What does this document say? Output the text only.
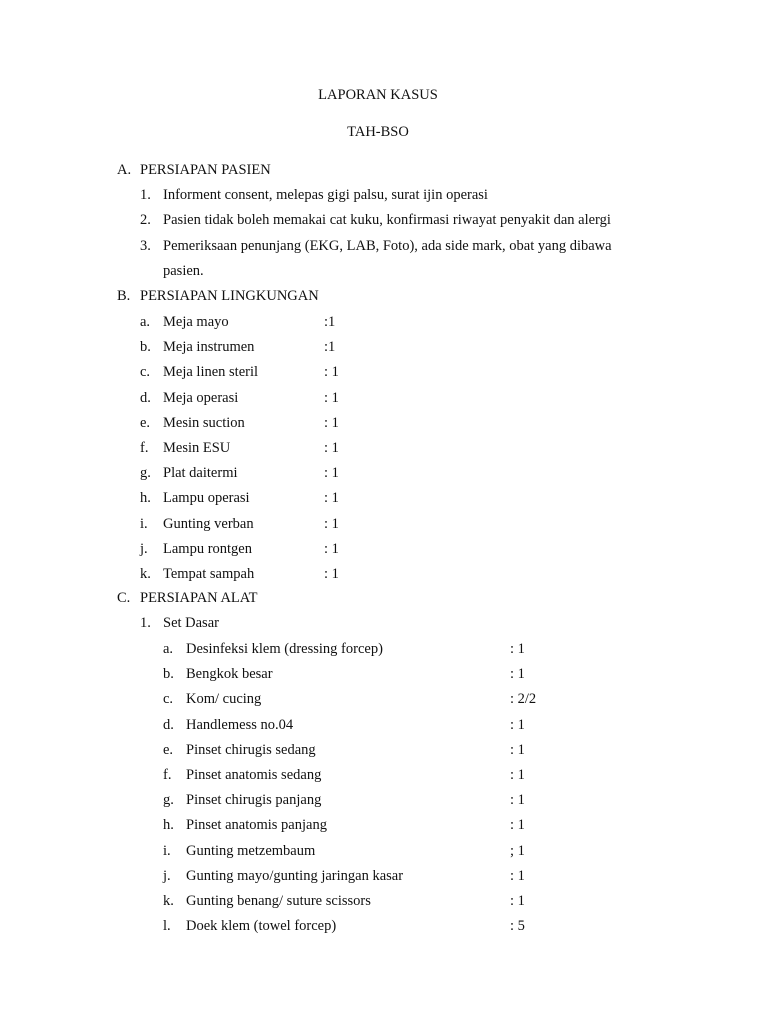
LAPORAN KASUS
TAH-BSO
A. PERSIAPAN PASIEN
1. Informent consent, melepas gigi palsu, surat ijin operasi
2. Pasien tidak boleh memakai cat kuku, konfirmasi riwayat penyakit dan alergi
3. Pemeriksaan penunjang (EKG, LAB, Foto), ada side mark, obat yang dibawa
pasien.
B. PERSIAPAN LINGKUNGAN
a. Meja mayo	:1
b. Meja instrumen	:1
c. Meja linen steril	: 1
d. Meja operasi	: 1
e. Mesin suction	: 1
f. Mesin ESU	: 1
g. Plat daitermi	: 1
h. Lampu operasi	: 1
i. Gunting verban	: 1
j. Lampu rontgen	: 1
k. Tempat sampah	: 1
C. PERSIAPAN ALAT
1. Set Dasar
a. Desinfeksi klem (dressing forcep)	: 1
b. Bengkok besar	: 1
c. Kom/ cucing	: 2/2
d. Handlemess no.04	: 1
e. Pinset chirugis sedang	: 1
f. Pinset anatomis sedang	: 1
g. Pinset chirugis panjang	: 1
h. Pinset anatomis panjang	: 1
i. Gunting metzembaum	; 1
j. Gunting mayo/gunting jaringan kasar	: 1
k. Gunting benang/ suture scissors	: 1
l. Doek klem (towel forcep)	: 5
